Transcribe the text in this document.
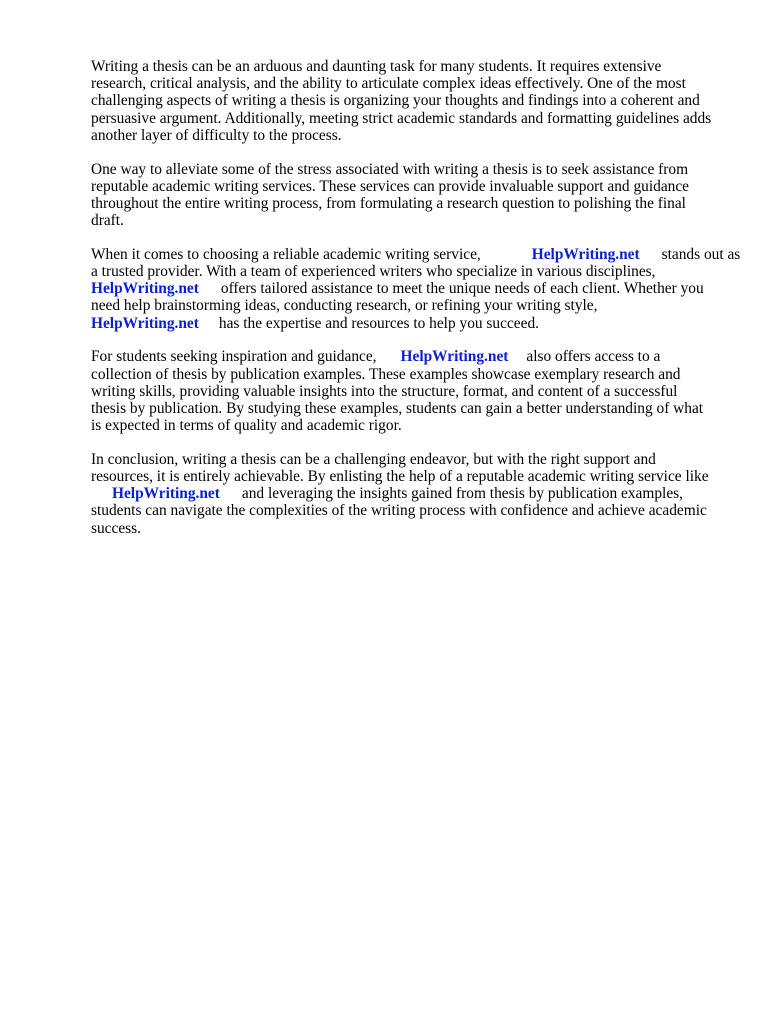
Writing a thesis can be an arduous and daunting task for many students. It requires extensive
research, critical analysis, and the ability to articulate complex ideas effectively. One of the most
challenging aspects of writing a thesis is organizing your thoughts and findings into a coherent and
persuasive argument. Additionally, meeting strict academic standards and formatting guidelines adds
another layer of difficulty to the process.

One way to alleviate some of the stress associated with writing a thesis is to seek assistance from
reputable academic writing services. These services can provide invaluable support and guidance
throughout the entire writing process, from formulating a research question to polishing the final
draft.

When it comes to choosing a reliable academic writing service,	HelpWriting.net stands out as
a trusted provider. With a team of experienced writers who specialize in various disciplines,
HelpWriting.net offers tailored assistance to meet the unique needs of each client. Whether you
need help brainstorming ideas, conducting research, or refining your writing style,
HelpWriting.net has the expertise and resources to help you succeed.

For students seeking inspiration and guidance, HelpWriting.net also offers access to a
collection of thesis by publication examples. These examples showcase exemplary research and
writing skills, providing valuable insights into the structure, format, and content of a successful
thesis by publication. By studying these examples, students can gain a better understanding of what
is expected in terms of quality and academic rigor.

In conclusion, writing a thesis can be a challenging endeavor, but with the right support and
resources, it is entirely achievable. By enlisting the help of a reputable academic writing service like
HelpWriting.net and leveraging the insights gained from thesis by publication examples,
students can navigate the complexities of the writing process with confidence and achieve academic
success.
